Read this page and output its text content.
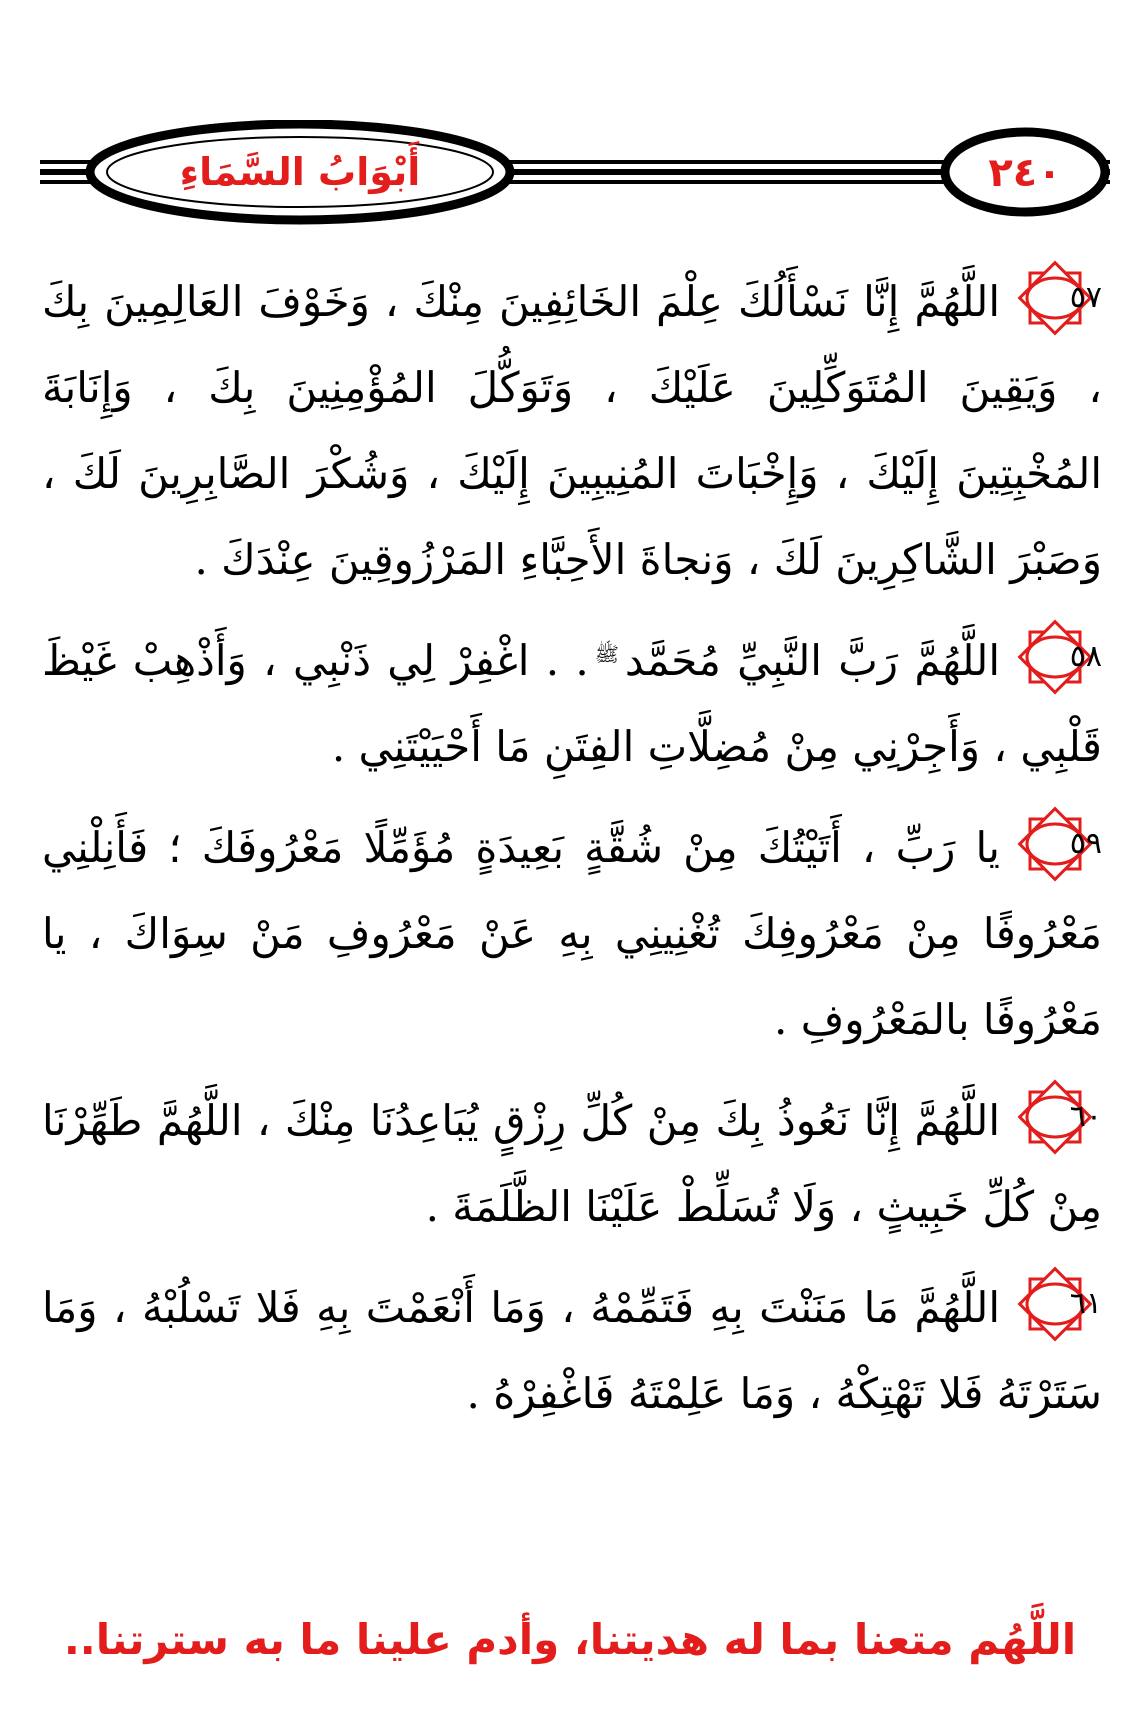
أَبْوَابُ السَّمَاءِ	٢٤٠

٥٧
اللَّهُمَّ إِنَّا نَسْأَلُكَ عِلْمَ الخَائِفِينَ مِنْكَ ، وَخَوْفَ العَالِمِينَ بِكَ ، وَيَقِينَ المُتَوَكِّلِينَ عَلَيْكَ ، وَتَوَكُّلَ المُؤْمِنِينَ بِكَ ، وَإِنَابَةَ المُخْبِتِينَ إِلَيْكَ ، وَإِخْبَاتَ المُنِيبِينَ إِلَيْكَ ، وَشُكْرَ الصَّابِرِينَ لَكَ ، وَصَبْرَ الشَّاكِرِينَ لَكَ ، وَنجاةَ الأَحِبَّاءِ المَرْزُوقِينَ عِنْدَكَ .

٥٨
اللَّهُمَّ رَبَّ النَّبِيِّ مُحَمَّدﷺ. . اغْفِرْ لِي ذَنْبِي ، وَأَذْهِبْ غَيْظَ قَلْبِي ، وَأَجِرْنِي مِنْ مُضِلَّاتِ الفِتَنِ مَا أَحْيَيْتَنِي .

٥٩
يا رَبِّ ، أَتَيْتُكَ مِنْ شُقَّةٍ بَعِيدَةٍ مُؤَمِّلًا مَعْرُوفَكَ ؛ فَأَنِلْنِي مَعْرُوفًا مِنْ مَعْرُوفِكَ تُغْنِينِي بِهِ عَنْ مَعْرُوفِ مَنْ سِوَاكَ ، يا مَعْرُوفًا بالمَعْرُوفِ .

٦٠
اللَّهُمَّ إِنَّا نَعُوذُ بِكَ مِنْ كُلِّ رِزْقٍ يُبَاعِدُنَا مِنْكَ ، اللَّهُمَّ طَهِّرْنَا مِنْ كُلِّ خَبِيثٍ ، وَلَا تُسَلِّطْ عَلَيْنَا الظَّلَمَةَ .

٦١
اللَّهُمَّ مَا مَنَنْتَ بِهِ فَتَمِّمْهُ ، وَمَا أَنْعَمْتَ بِهِ فَلا تَسْلُبْهُ ، وَمَا سَتَرْتَهُ فَلا تَهْتِكْهُ ، وَمَا عَلِمْتَهُ فَاغْفِرْهُ .

اللَّهُم متعنا بما له هديتنا، وأدم علينا ما به سترتنا..
